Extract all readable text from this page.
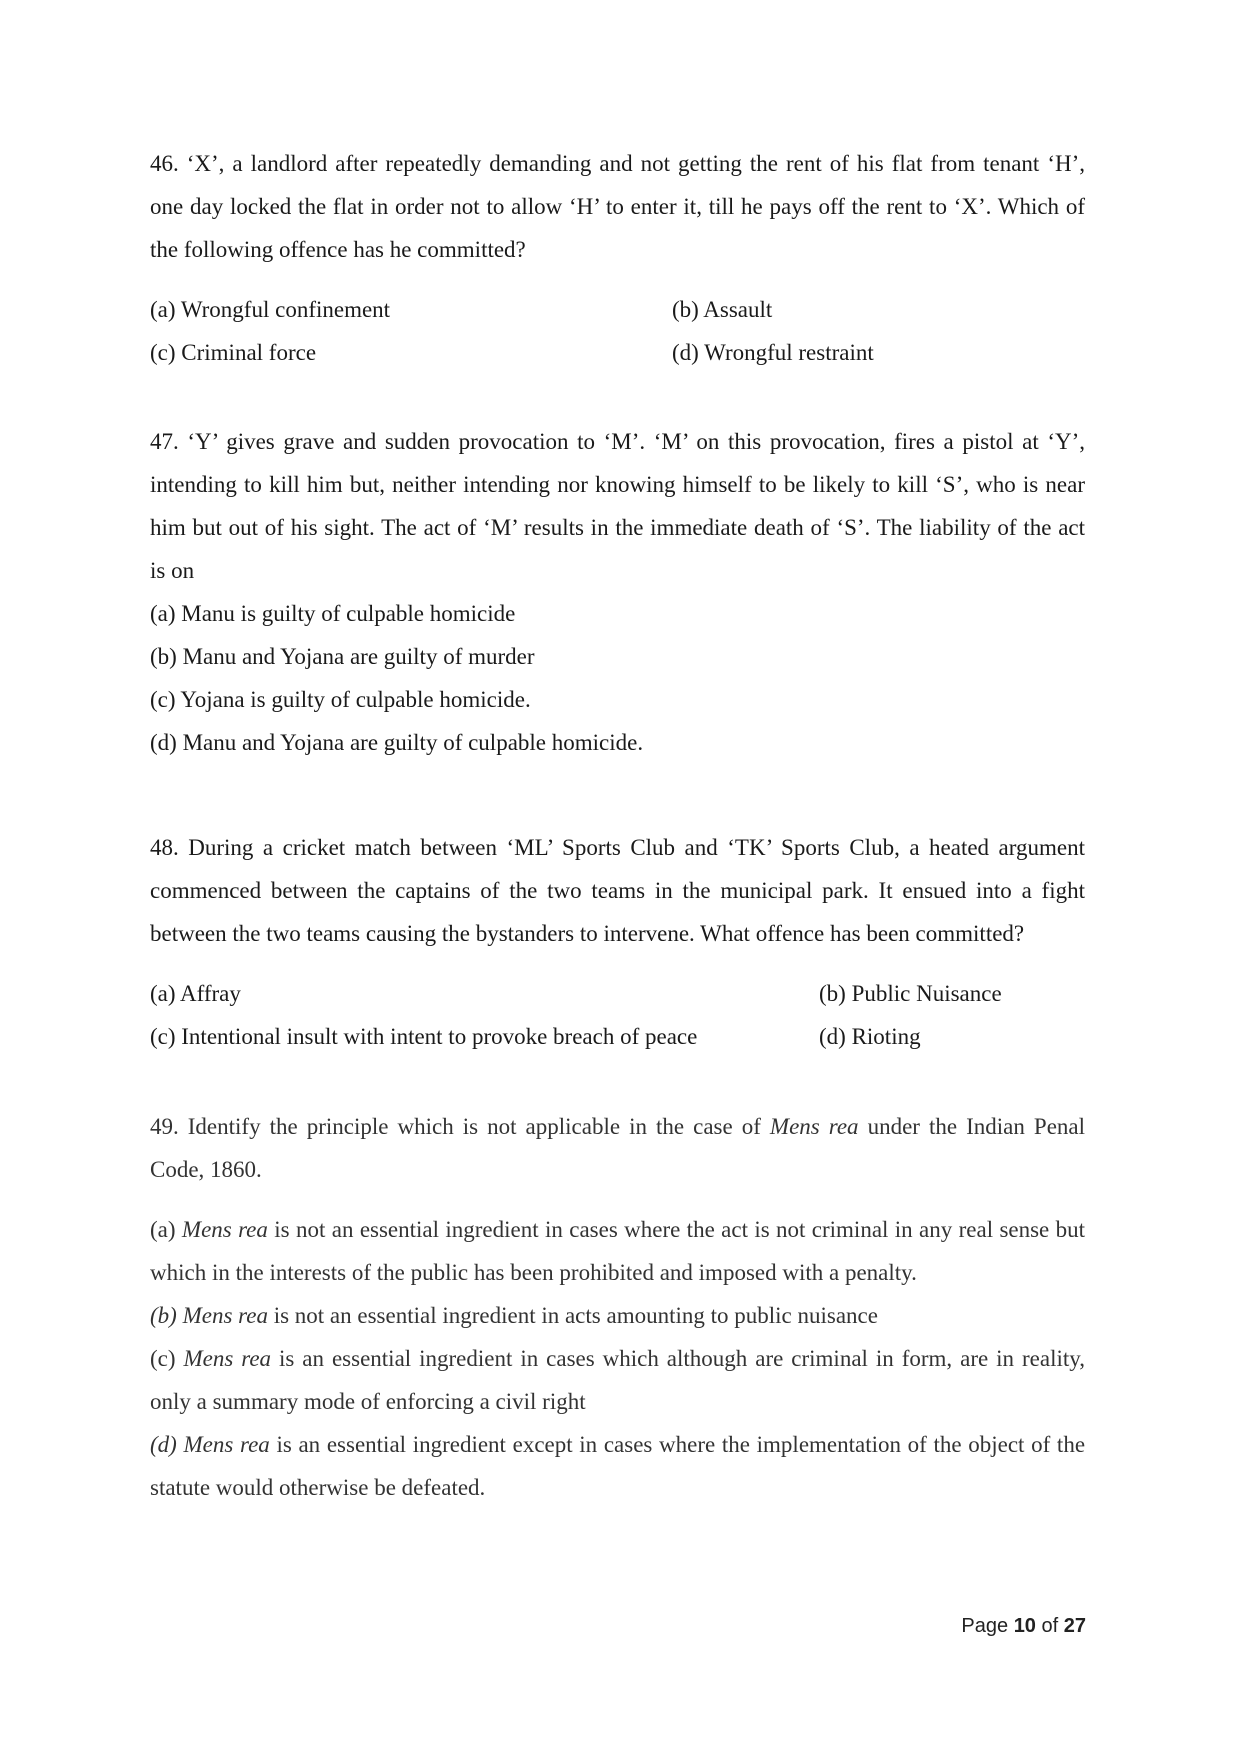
46. ‘X’, a landlord after repeatedly demanding and not getting the rent of his flat from tenant ‘H’, one day locked the flat in order not to allow ‘H’ to enter it, till he pays off the rent to ‘X’. Which of the following offence has he committed?

(a) Wrongful confinement	(b) Assault
(c) Criminal force	(d) Wrongful restraint

47. ‘Y’ gives grave and sudden provocation to ‘M’. ‘M’ on this provocation, fires a pistol at ‘Y’, intending to kill him but, neither intending nor knowing himself to be likely to kill ‘S’, who is near him but out of his sight. The act of ‘M’ results in the immediate death of ‘S’. The liability of the act is on

(a) Manu is guilty of culpable homicide

(b) Manu and Yojana are guilty of murder

(c) Yojana is guilty of culpable homicide.

(d) Manu and Yojana are guilty of culpable homicide.

48. During a cricket match between ‘ML’ Sports Club and ‘TK’ Sports Club, a heated argument commenced between the captains of the two teams in the municipal park. It ensued into a fight between the two teams causing the bystanders to intervene. What offence has been committed?

(a) Affray	(b) Public Nuisance
(c) Intentional insult with intent to provoke breach of peace	(d) Rioting

49. Identify the principle which is not applicable in the case of Mens rea under the Indian Penal Code, 1860.

(a) Mens rea is not an essential ingredient in cases where the act is not criminal in any real sense but which in the interests of the public has been prohibited and imposed with a penalty.

(b) Mens rea is not an essential ingredient in acts amounting to public nuisance

(c) Mens rea is an essential ingredient in cases which although are criminal in form, are in reality, only a summary mode of enforcing a civil right

(d) Mens rea is an essential ingredient except in cases where the implementation of the object of the statute would otherwise be defeated.

Page 10 of 27
